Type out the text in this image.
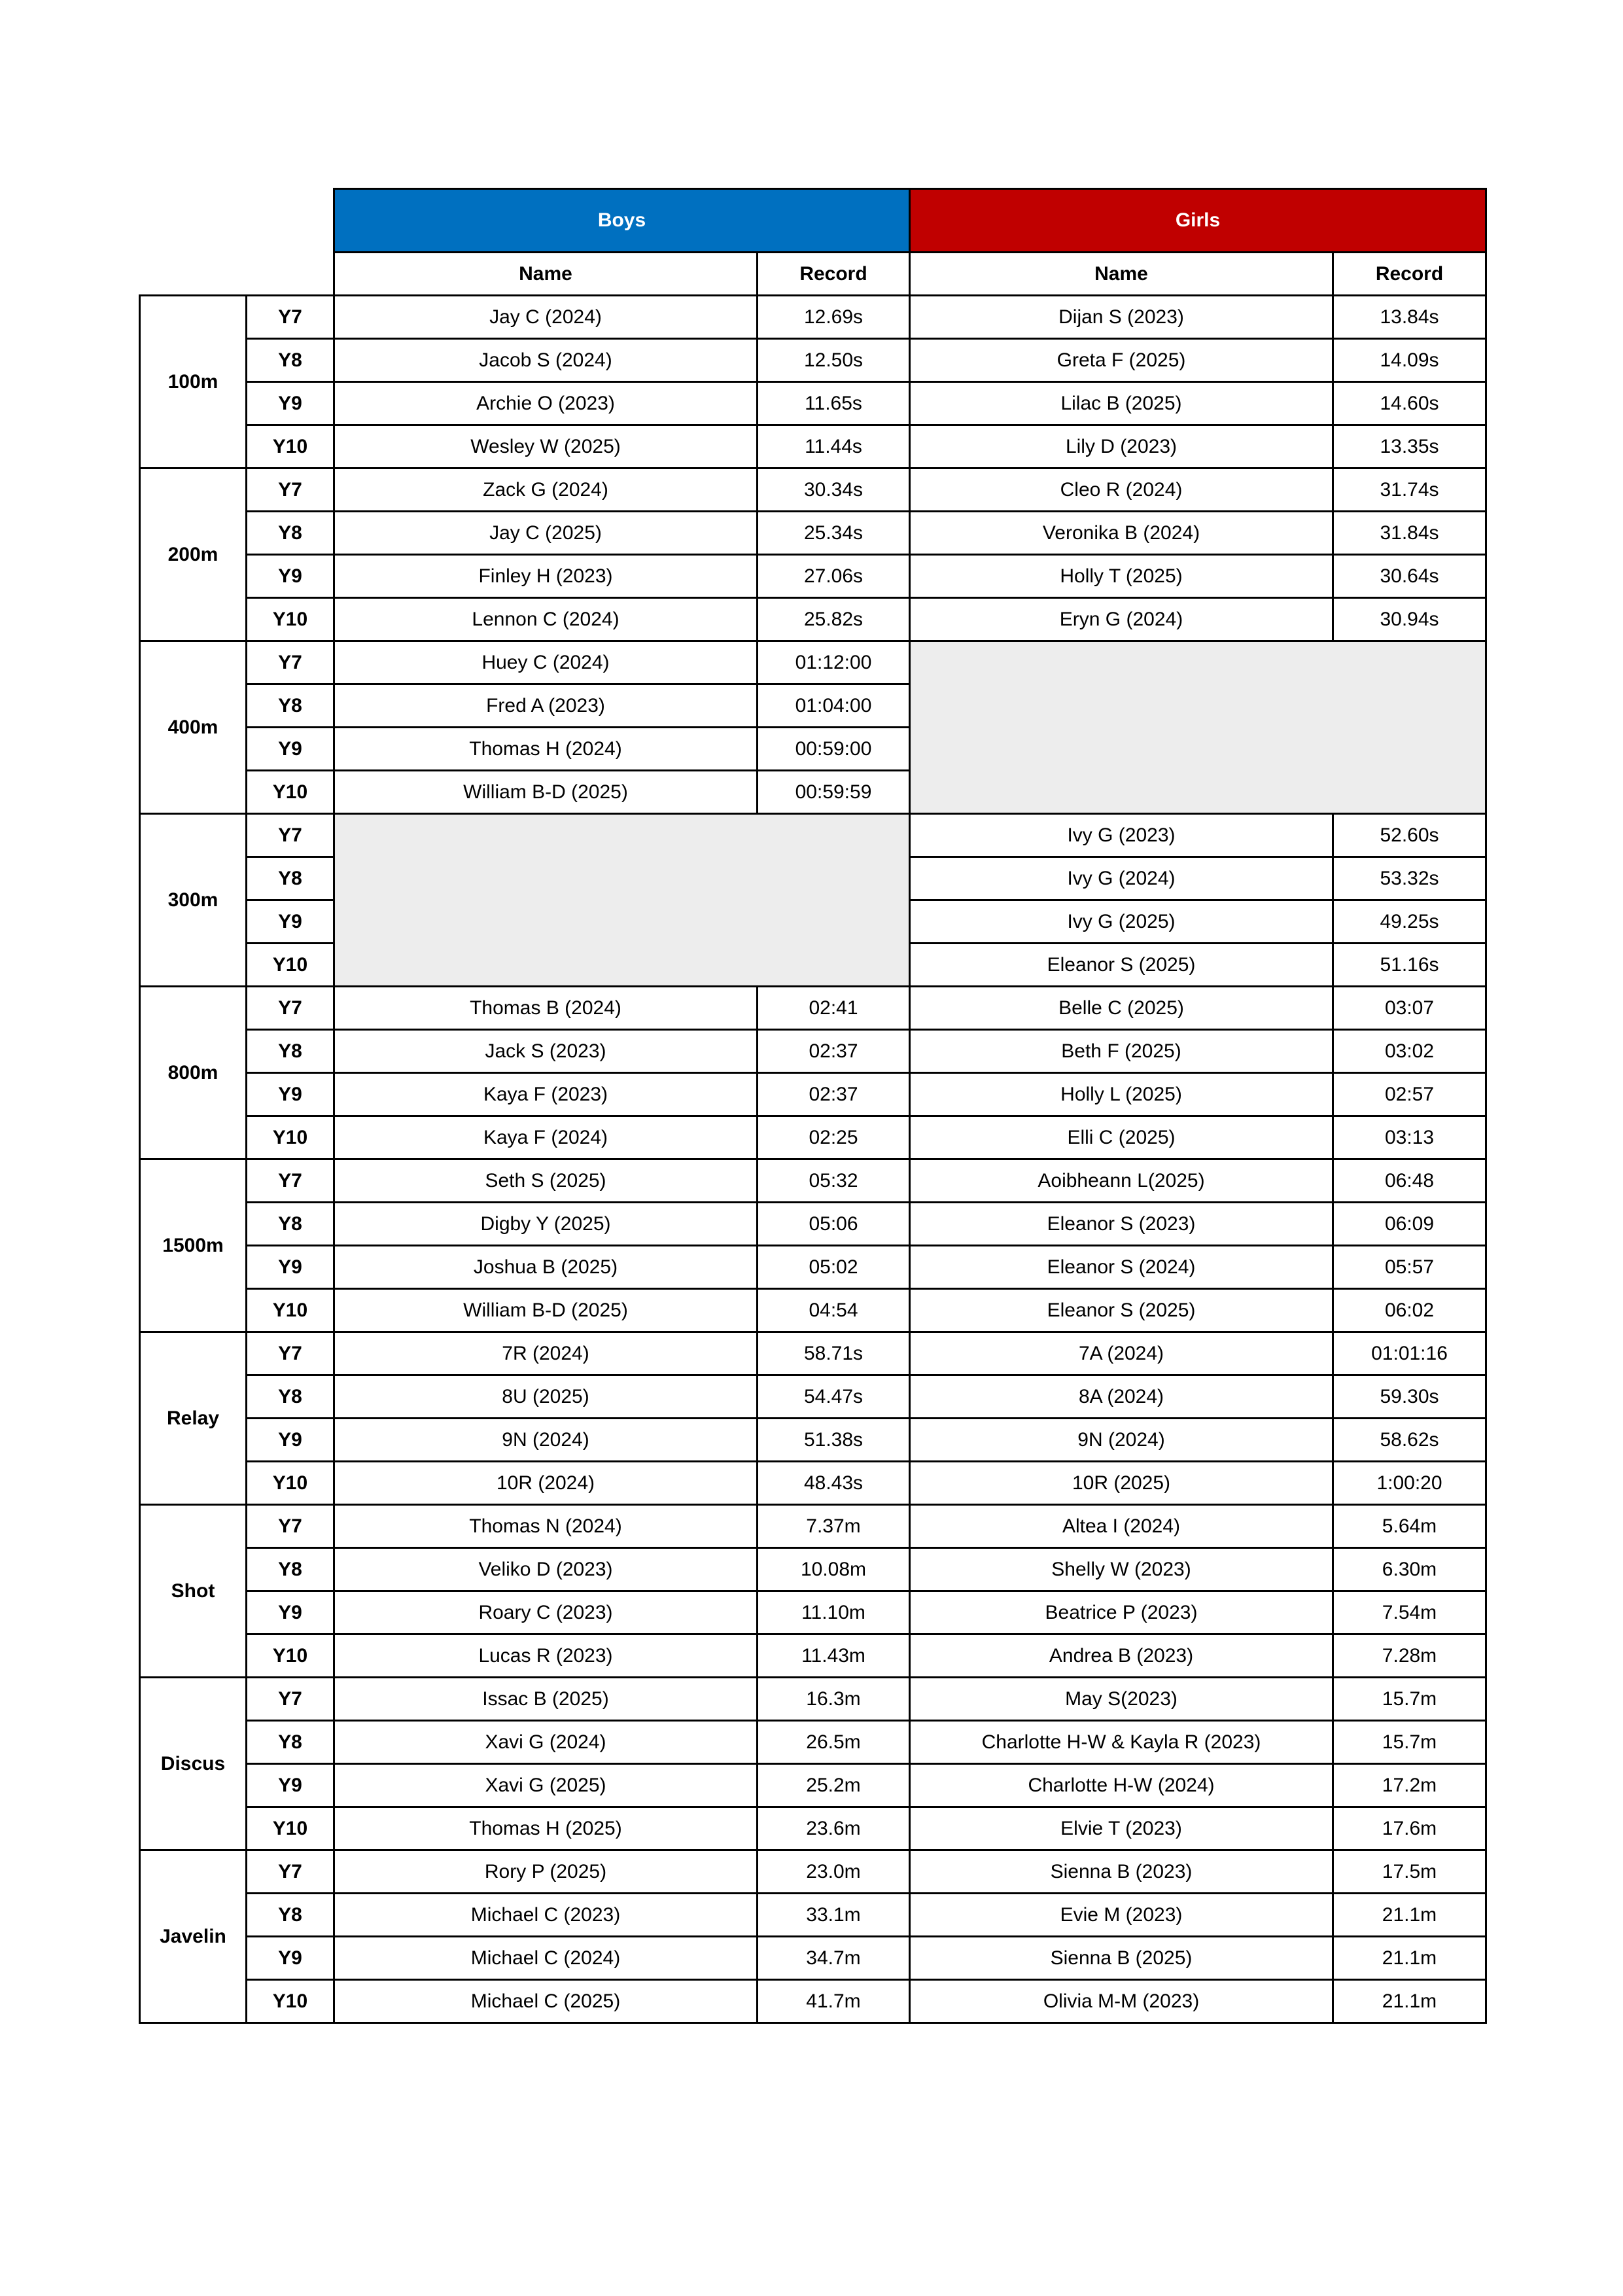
		Boys		Girls	
		Name	Record	Name	Record
100m	Y7	Jay C (2024)	12.69s	Dijan S (2023)	13.84s
	Y8	Jacob S (2024)	12.50s	Greta F (2025)	14.09s
	Y9	Archie O (2023)	11.65s	Lilac B (2025)	14.60s
	Y10	Wesley W (2025)	11.44s	Lily D (2023)	13.35s
200m	Y7	Zack G (2024)	30.34s	Cleo R (2024)	31.74s
	Y8	Jay C (2025)	25.34s	Veronika B (2024)	31.84s
	Y9	Finley H (2023)	27.06s	Holly T (2025)	30.64s
	Y10	Lennon C (2024)	25.82s	Eryn G (2024)	30.94s
400m	Y7	Huey C (2024)	01:12:00		
	Y8	Fred A (2023)	01:04:00		
	Y9	Thomas H (2024)	00:59:00		
	Y10	William B-D (2025)	00:59:59		
300m	Y7			Ivy G (2023)	52.60s
	Y8			Ivy G (2024)	53.32s
	Y9			Ivy G (2025)	49.25s
	Y10			Eleanor S (2025)	51.16s
800m	Y7	Thomas B (2024)	02:41	Belle C (2025)	03:07
	Y8	Jack S (2023)	02:37	Beth F (2025)	03:02
	Y9	Kaya F (2023)	02:37	Holly L (2025)	02:57
	Y10	Kaya F (2024)	02:25	Elli C (2025)	03:13
1500m	Y7	Seth S (2025)	05:32	Aoibheann L(2025)	06:48
	Y8	Digby Y (2025)	05:06	Eleanor S (2023)	06:09
	Y9	Joshua B (2025)	05:02	Eleanor S (2024)	05:57
	Y10	William B-D (2025)	04:54	Eleanor S (2025)	06:02
Relay	Y7	7R (2024)	58.71s	7A (2024)	01:01:16
	Y8	8U (2025)	54.47s	8A (2024)	59.30s
	Y9	9N (2024)	51.38s	9N (2024)	58.62s
	Y10	10R (2024)	48.43s	10R (2025)	1:00:20
Shot	Y7	Thomas N (2024)	7.37m	Altea I (2024)	5.64m
	Y8	Veliko D (2023)	10.08m	Shelly W (2023)	6.30m
	Y9	Roary C (2023)	11.10m	Beatrice P (2023)	7.54m
	Y10	Lucas R (2023)	11.43m	Andrea B (2023)	7.28m
Discus	Y7	Issac B (2025)	16.3m	May S(2023)	15.7m
	Y8	Xavi G (2024)	26.5m	Charlotte H-W & Kayla R (2023)	15.7m
	Y9	Xavi G (2025)	25.2m	Charlotte H-W (2024)	17.2m
	Y10	Thomas H (2025)	23.6m	Elvie T (2023)	17.6m
Javelin	Y7	Rory P (2025)	23.0m	Sienna B (2023)	17.5m
	Y8	Michael C (2023)	33.1m	Evie M (2023)	21.1m
	Y9	Michael C (2024)	34.7m	Sienna B (2025)	21.1m
	Y10	Michael C (2025)	41.7m	Olivia M-M (2023)	21.1m
